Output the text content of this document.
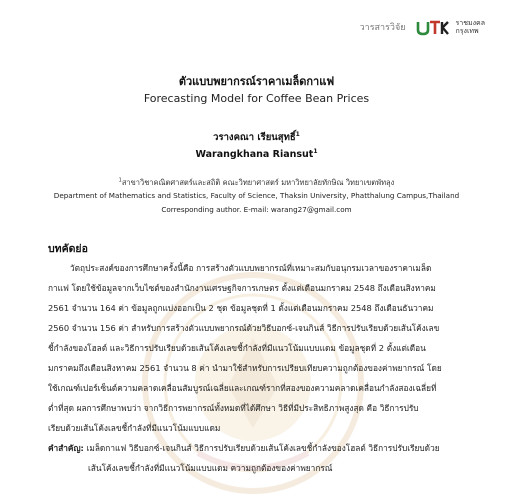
วารสารวิจัย	ราชมงคล
กรุงเทพ
ตัวแบบพยากรณ์ราคาเมล็ดกาแฟ
Forecasting Model for Coffee Bean Prices
วรางคณา เรียนสุทธิ์$^1$
Warangkhana Riansut$^1$
$^1$สาขาวิชาคณิตศาสตร์และสถิติ คณะวิทยาศาสตร์ มหาวิทยาลัยทักษิณ วิทยาเขตพัทลุง
Department of Mathematics and Statistics, Faculty of Science, Thaksin University, Phatthalung Campus,Thailand
Corresponding author. E-mail: warang27@gmail.com
บทคัดย่อ
วัตถุประสงค์ของการศึกษาครั้งนี้คือ การสร้างตัวแบบพยากรณ์ที่เหมาะสมกับอนุกรมเวลาของราคาเมล็ด
กาแฟ โดยใช้ข้อมูลจากเว็บไซต์ของสำนักงานเศรษฐกิจการเกษตร ตั้งแต่เดือนมกราคม 2548 ถึงเดือนสิงหาคม
2561 จำนวน 164 ค่า ข้อมูลถูกแบ่งออกเป็น 2 ชุด ข้อมูลชุดที่ 1 ตั้งแต่เดือนมกราคม 2548 ถึงเดือนธันวาคม
2560 จำนวน 156 ค่า สำหรับการสร้างตัวแบบพยากรณ์ด้วยวิธีบอกซ์-เจนกินส์ วิธีการปรับเรียบด้วยเส้นโค้งเลข
ชี้กำลังของโฮลต์ และวิธีการปรับเรียบด้วยเส้นโค้งเลขชี้กำลังที่มีแนวโน้มแบบแดม ข้อมูลชุดที่ 2 ตั้งแต่เดือน
มกราคมถึงเดือนสิงหาคม 2561 จำนวน 8 ค่า นำมาใช้สำหรับการเปรียบเทียบความถูกต้องของค่าพยากรณ์ โดย
ใช้เกณฑ์เปอร์เซ็นต์ความคลาดเคลื่อนสัมบูรณ์เฉลี่ยและเกณฑ์รากที่สองของความคลาดเคลื่อนกำลังสองเฉลี่ยที่
ต่ำที่สุด ผลการศึกษาพบว่า จากวิธีการพยากรณ์ทั้งหมดที่ได้ศึกษา วิธีที่มีประสิทธิภาพสูงสุด คือ วิธีการปรับ
เรียบด้วยเส้นโค้งเลขชี้กำลังที่มีแนวโน้มแบบแดม
คำสำคัญ: เมล็ดกาแฟ วิธีบอกซ์-เจนกินส์ วิธีการปรับเรียบด้วยเส้นโค้งเลขชี้กำลังของโฮลต์ วิธีการปรับเรียบด้วย
เส้นโค้งเลขชี้กำลังที่มีแนวโน้มแบบแดม ความถูกต้องของค่าพยากรณ์
